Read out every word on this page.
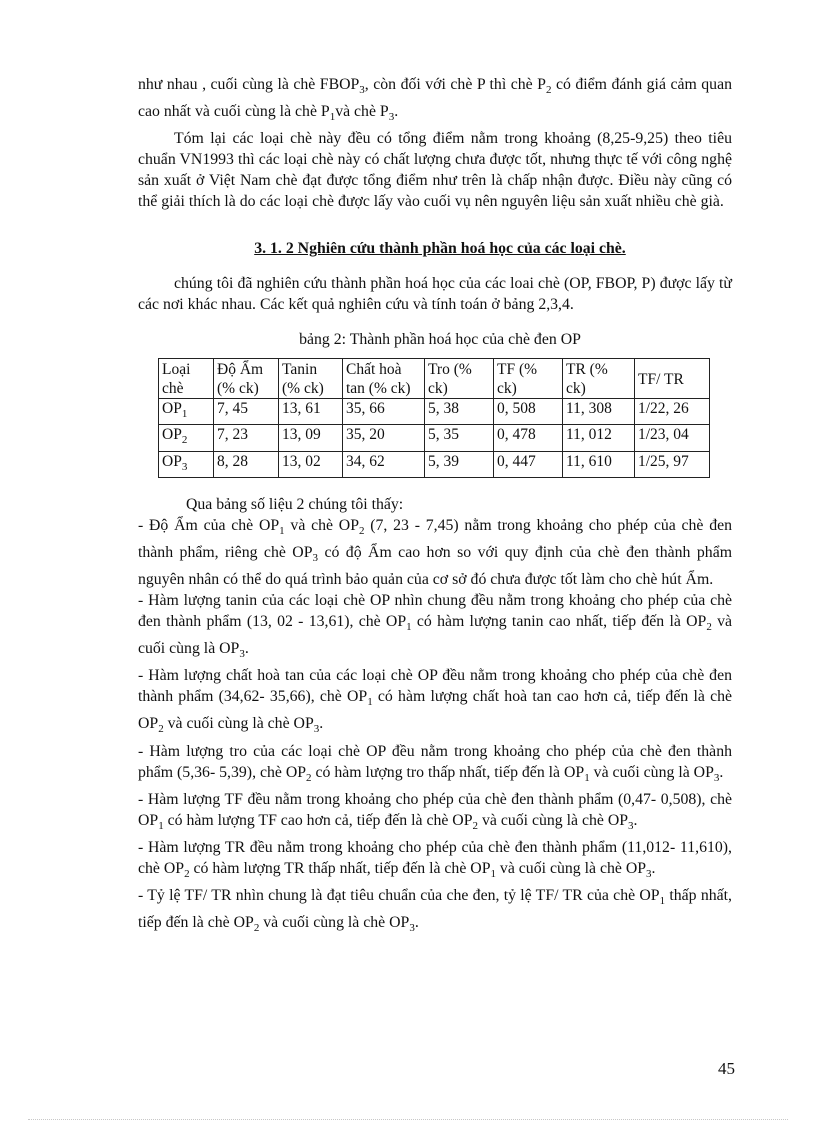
như nhau , cuối cùng là chè $FBOP_3$, còn đối với chè P thì chè $P_2$ có điểm đánh giá cảm quan cao nhất và cuối cùng là chè $P_1và$ chè $P_3$.

Tóm lại các loại chè này đều có tổng điểm nằm trong khoảng (8,25-9,25) theo tiêu chuẩn VN1993 thì các loại chè này có chất lượng chưa được tốt, nhưng thực tế với công nghệ sản xuất ở Việt Nam chè đạt được tổng điểm như trên là chấp nhận được. Điều này cũng có thể giải thích là do các loại chè được lấy vào cuối vụ nên nguyên liệu sản xuất nhiều chè già.

3. 1. 2 Nghiên cứu thành phần hoá học của các loại chè.

chúng tôi đã nghiên cứu thành phần hoá học của các loai chè (OP, FBOP, P) được lấy từ các nơi khác nhau. Các kết quả nghiên cứu và tính toán ở bảng 2,3,4.

bảng 2: Thành phần hoá học của chè đen OP

Loại chè	Độ Ẩm (% ck)	Tanin (% ck)	Chất hoà tan (% ck)	Tro (% ck)	TF (% ck)	TR (% ck)	TF/ TR
$OP_1$	7, 45	13, 61	35, 66	5, 38	0, 508	11, 308	1/22, 26
$OP_2$	7, 23	13, 09	35, 20	5, 35	0, 478	11, 012	1/23, 04
$OP_3$	8, 28	13, 02	34, 62	5, 39	0, 447	11, 610	1/25, 97

Qua bảng số liệu 2 chúng tôi thấy:

- Độ Ẩm của chè $OP_1$ và chè $OP_2$ (7, 23 - 7,45) nằm trong khoảng cho phép của chè đen thành phẩm, riêng chè $OP_3$ có độ Ẩm cao hơn so với quy định của chè đen thành phẩm nguyên nhân có thể do quá trình bảo quản của cơ sở đó chưa được tốt làm cho chè hút Ẩm.

- Hàm lượng tanin của các loại chè OP nhìn chung đều nằm trong khoảng cho phép của chè đen thành phẩm (13, 02 - 13,61), chè $OP_1$ có hàm lượng tanin cao nhất, tiếp đến là $OP_2$ và cuối cùng là $OP_3$.

- Hàm lượng chất hoà tan của các loại chè OP đều nằm trong khoảng cho phép của chè đen thành phẩm (34,62- 35,66), chè $OP_1$ có hàm lượng chất hoà tan cao hơn cả, tiếp đến là chè $OP_2$ và cuối cùng là chè $OP_3$.

- Hàm lượng tro của các loại chè OP đều nằm trong khoảng cho phép của chè đen thành phẩm (5,36- 5,39), chè $OP_2$ có hàm lượng tro thấp nhất, tiếp đến là $OP_1$ và cuối cùng là $OP_3$.

- Hàm lượng TF đều nằm trong khoảng cho phép của chè đen thành phẩm (0,47- 0,508), chè $OP_1$ có hàm lượng TF cao hơn cả, tiếp đến là chè $OP_2$ và cuối cùng là chè $OP_3$.

- Hàm lượng TR đều nằm trong khoảng cho phép của chè đen thành phẩm (11,012- 11,610), chè $OP_2$ có hàm lượng TR thấp nhất, tiếp đến là chè $OP_1$ và cuối cùng là chè $OP_3$.

- Tỷ lệ TF/ TR nhìn chung là đạt tiêu chuẩn của che đen, tỷ lệ TF/ TR của chè $OP_1$ thấp nhất, tiếp đến là chè $OP_2$ và cuối cùng là chè $OP_3$.

45
